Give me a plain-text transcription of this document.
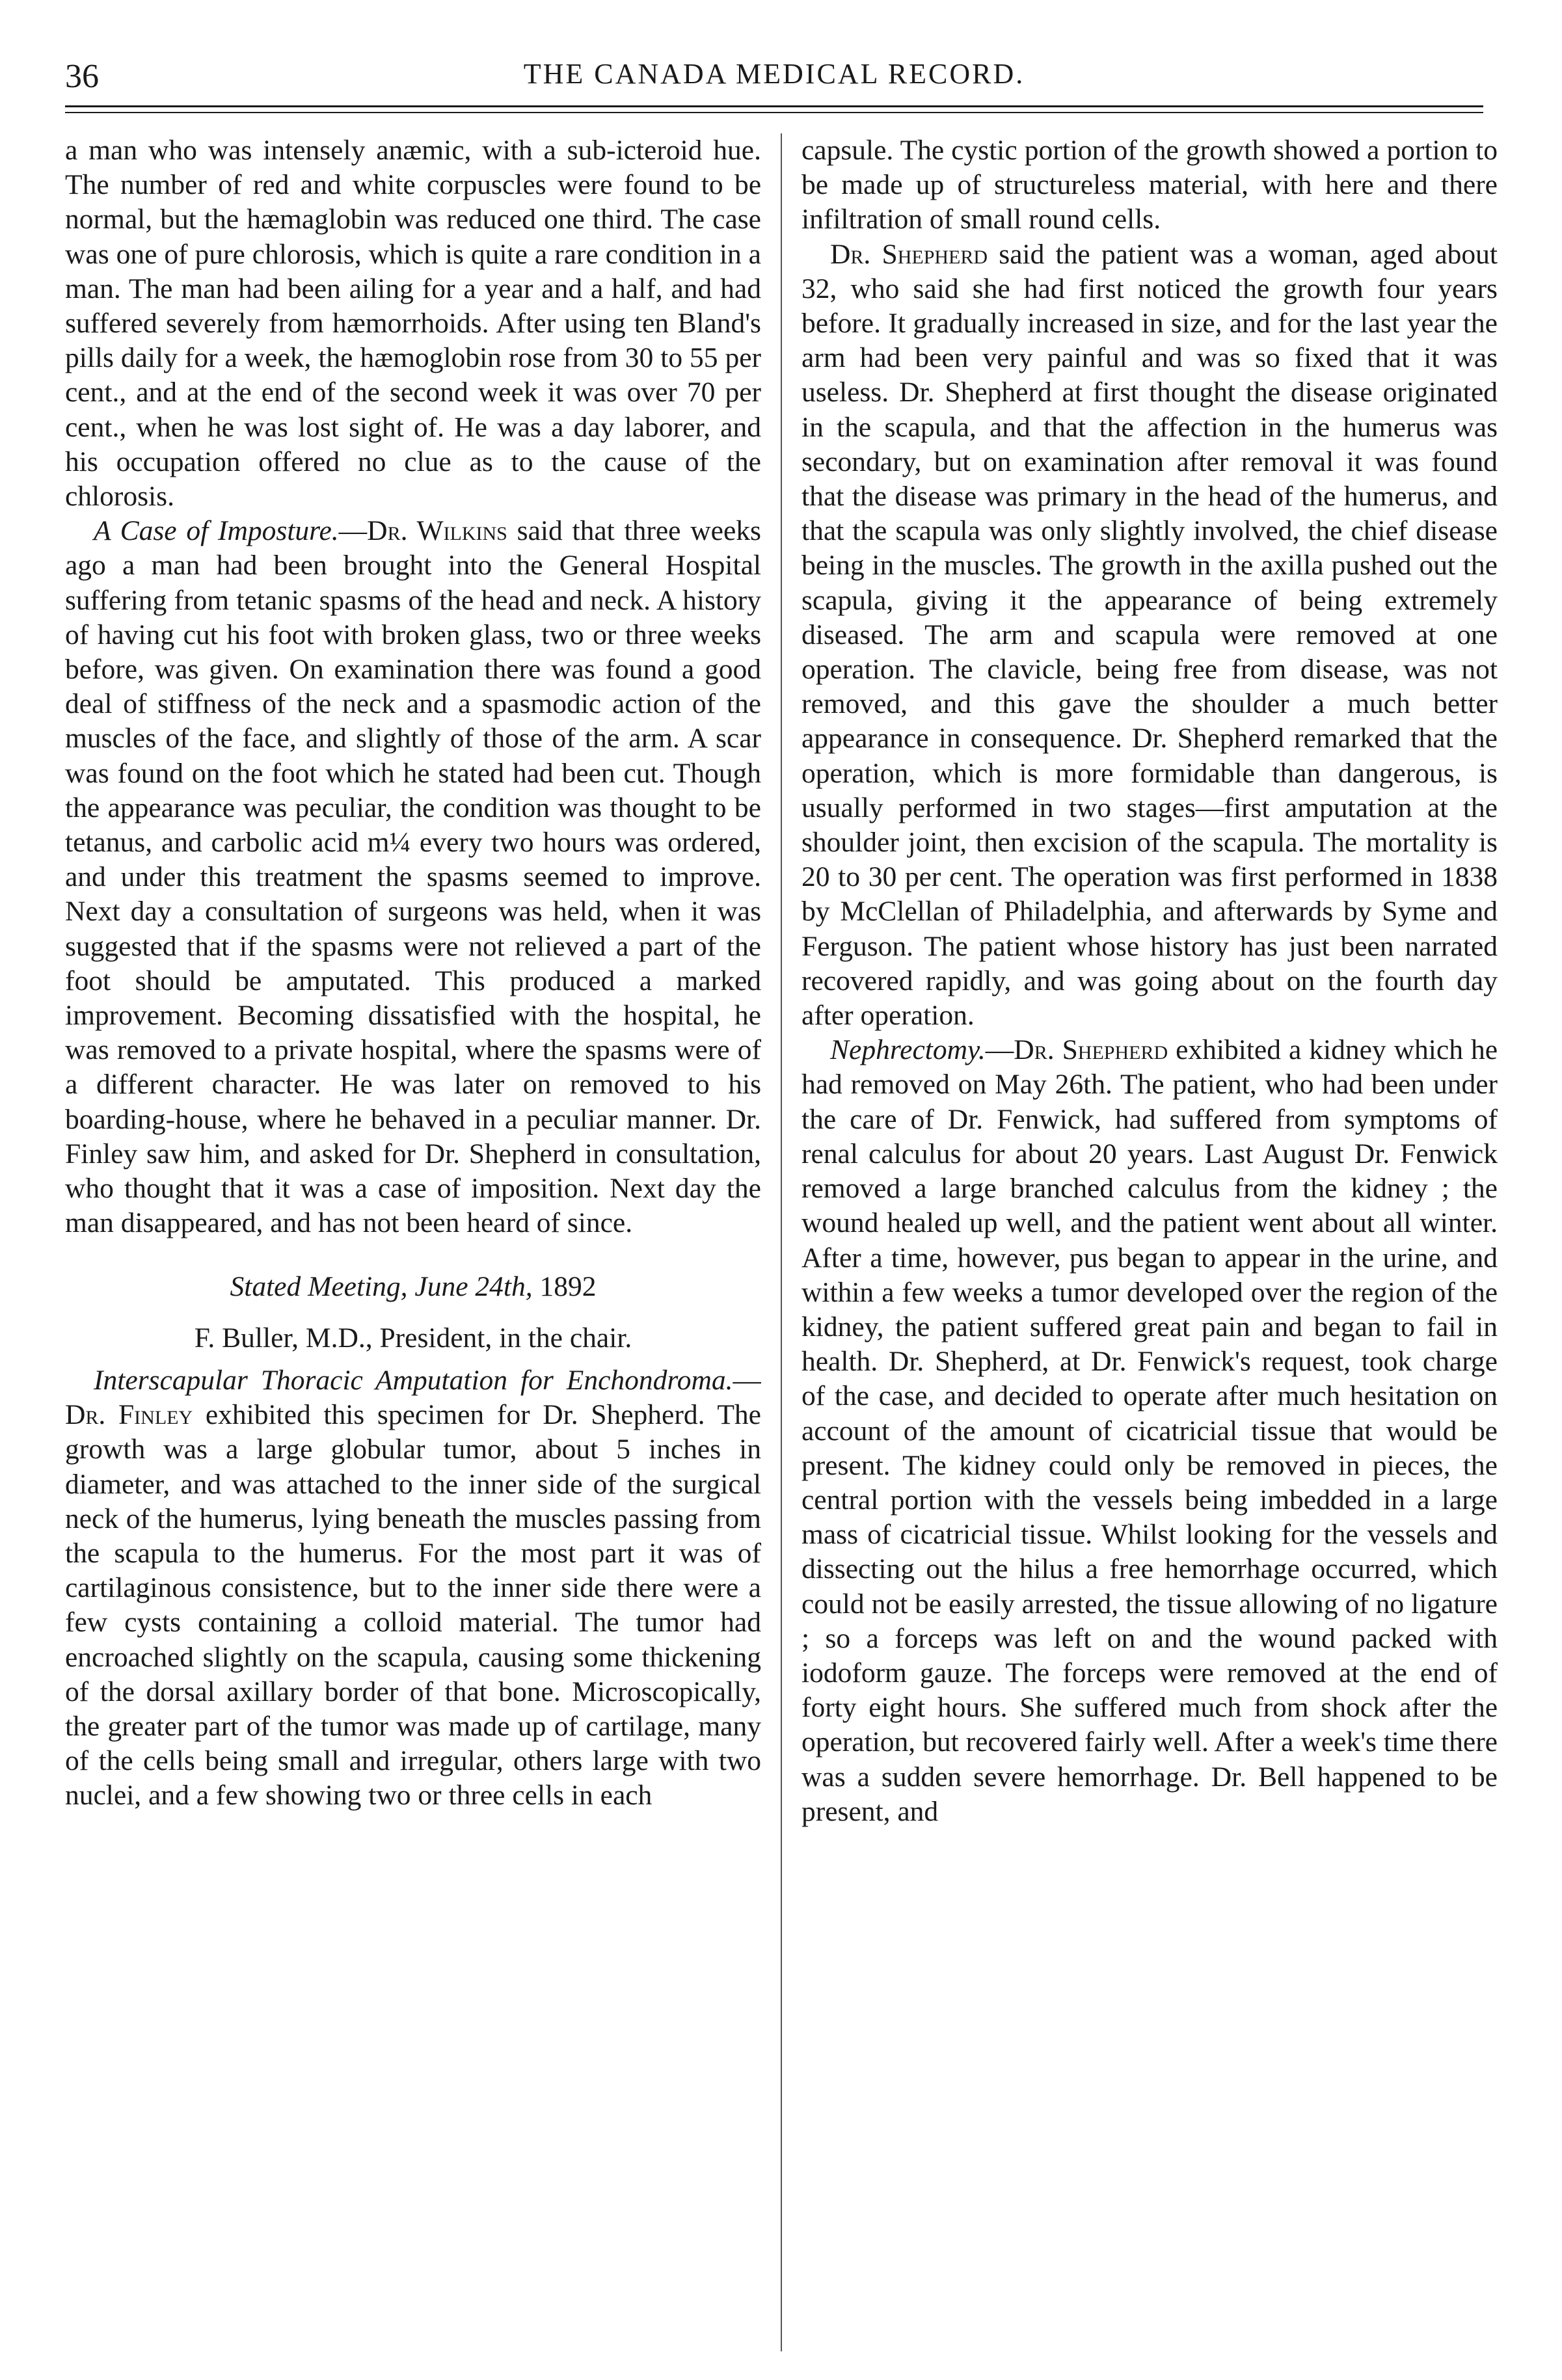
36	THE CANADA MEDICAL RECORD.

a man who was intensely anæmic, with a sub-icteroid hue. The number of red and white corpuscles were found to be normal, but the hæmaglobin was reduced one third. The case was one of pure chlorosis, which is quite a rare condition in a man. The man had been ailing for a year and a half, and had suffered severely from hæmorrhoids. After using ten Bland's pills daily for a week, the hæmoglobin rose from 30 to 55 per cent., and at the end of the second week it was over 70 per cent., when he was lost sight of. He was a day laborer, and his occupation offered no clue as to the cause of the chlorosis.

A Case of Imposture.—Dr. Wilkins said that three weeks ago a man had been brought into the General Hospital suffering from tetanic spasms of the head and neck. A history of having cut his foot with broken glass, two or three weeks before, was given. On examination there was found a good deal of stiffness of the neck and a spasmodic action of the muscles of the face, and slightly of those of the arm. A scar was found on the foot which he stated had been cut. Though the appearance was peculiar, the condition was thought to be tetanus, and carbolic acid m¼ every two hours was ordered, and under this treatment the spasms seemed to improve. Next day a consultation of surgeons was held, when it was suggested that if the spasms were not relieved a part of the foot should be amputated. This produced a marked improvement. Becoming dissatisfied with the hospital, he was removed to a private hospital, where the spasms were of a different character. He was later on removed to his boarding-house, where he behaved in a peculiar manner. Dr. Finley saw him, and asked for Dr. Shepherd in consultation, who thought that it was a case of imposition. Next day the man disappeared, and has not been heard of since.

Stated Meeting, June 24th, 1892

F. Buller, M.D., President, in the chair.

Interscapular Thoracic Amputation for Enchondroma.—Dr. Finley exhibited this specimen for Dr. Shepherd. The growth was a large globular tumor, about 5 inches in diameter, and was attached to the inner side of the surgical neck of the humerus, lying beneath the muscles passing from the scapula to the humerus. For the most part it was of cartilaginous consistence, but to the inner side there were a few cysts containing a colloid material. The tumor had encroached slightly on the scapula, causing some thickening of the dorsal axillary border of that bone. Microscopically, the greater part of the tumor was made up of cartilage, many of the cells being small and irregular, others large with two nuclei, and a few showing two or three cells in each

capsule. The cystic portion of the growth showed a portion to be made up of structureless material, with here and there infiltration of small round cells.

Dr. Shepherd said the patient was a woman, aged about 32, who said she had first noticed the growth four years before. It gradually increased in size, and for the last year the arm had been very painful and was so fixed that it was useless. Dr. Shepherd at first thought the disease originated in the scapula, and that the affection in the humerus was secondary, but on examination after removal it was found that the disease was primary in the head of the humerus, and that the scapula was only slightly involved, the chief disease being in the muscles. The growth in the axilla pushed out the scapula, giving it the appearance of being extremely diseased. The arm and scapula were removed at one operation. The clavicle, being free from disease, was not removed, and this gave the shoulder a much better appearance in consequence. Dr. Shepherd remarked that the operation, which is more formidable than dangerous, is usually performed in two stages—first amputation at the shoulder joint, then excision of the scapula. The mortality is 20 to 30 per cent. The operation was first performed in 1838 by McClellan of Philadelphia, and afterwards by Syme and Ferguson. The patient whose history has just been narrated recovered rapidly, and was going about on the fourth day after operation.

Nephrectomy.—Dr. Shepherd exhibited a kidney which he had removed on May 26th. The patient, who had been under the care of Dr. Fenwick, had suffered from symptoms of renal calculus for about 20 years. Last August Dr. Fenwick removed a large branched calculus from the kidney ; the wound healed up well, and the patient went about all winter. After a time, however, pus began to appear in the urine, and within a few weeks a tumor developed over the region of the kidney, the patient suffered great pain and began to fail in health. Dr. Shepherd, at Dr. Fenwick's request, took charge of the case, and decided to operate after much hesitation on account of the amount of cicatricial tissue that would be present. The kidney could only be removed in pieces, the central portion with the vessels being imbedded in a large mass of cicatricial tissue. Whilst looking for the vessels and dissecting out the hilus a free hemorrhage occurred, which could not be easily arrested, the tissue allowing of no ligature ; so a forceps was left on and the wound packed with iodoform gauze. The forceps were removed at the end of forty eight hours. She suffered much from shock after the operation, but recovered fairly well. After a week's time there was a sudden severe hemorrhage. Dr. Bell happened to be present, and
